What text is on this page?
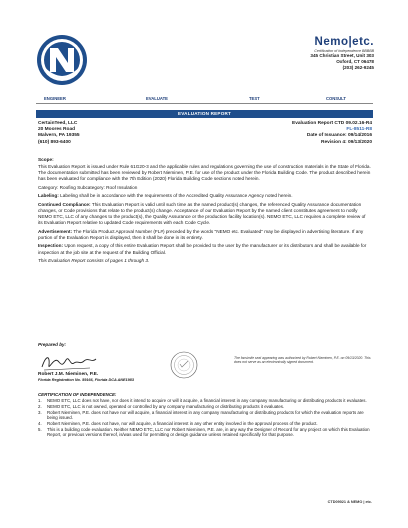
Nemo|etc.
Certification of Independence BBBBB
345 Christian Street, Unit 303
Oxford, CT 06478
(203) 262-9245
ENGINEER	EVALUATE	TEST	CONSULT
EVALUATION REPORT
CertainTeed, LLC
20 Moores Road
Malvern, PA 19355
(610) 893-6400
Evaluation Report CTD 09.02.16-R4
FL-8511-R8
Date of Issuance: 09/14/2016
Revision 4: 09/13/2020
Scope:

This Evaluation Report is issued under Rule 61G20-3 and the applicable rules and regulations governing the use of construction materials in the State of Florida. The documentation submitted has been reviewed by Robert Nieminen, P.E. for use of the product under the Florida Building Code. The product described herein has been evaluated for compliance with the 7th Edition (2020) Florida Building Code sections noted herein.

Category: Roofing Subcategory: Roof Insulation

Labeling: Labeling shall be in accordance with the requirements of the Accredited Quality Assurance Agency noted herein.

Continued Compliance: This Evaluation Report is valid until such time as the named product(s) changes, the referenced Quality Assurance documentation changes, or Code provisions that relate to the product(s) change. Acceptance of our Evaluation Report by the named client constitutes agreement to notify NEMO ETC, LLC of any changes to the product(s), the Quality Assurance or the production facility location(s). NEMO ETC, LLC requires a complete review of its Evaluation Report relative to updated Code requirements with each Code Cycle.

Advertisement: The Florida Product Approval Number (FL#) preceded by the words "NEMO etc. Evaluated" may be displayed in advertising literature. If any portion of the Evaluation Report is displayed, then it shall be done in its entirety.

Inspection: Upon request, a copy of this entire Evaluation Report shall be provided to the user by the manufacturer or its distributors and shall be available for inspection at the job site at the request of the Building Official.

This Evaluation Report consists of pages 1 through 3.

Prepared by:
Robert J.M. Nieminen, P.E.
Florida Registration No. 59166, Florida DCA ANE1983
The facsimile seal appearing was authorized by Robert Nieminen, P.E. on 09/13/2020. This does not serve as an electronically signed document.
CERTIFICATION OF INDEPENDENCE:
1.	NEMO ETC, LLC does not have, nor does it intend to acquire or will it acquire, a financial interest in any company manufacturing or distributing products it evaluates.
2.	NEMO ETC, LLC is not owned, operated or controlled by any company manufacturing or distributing products it evaluates.
3.	Robert Nieminen, P.E. does not have nor will acquire, a financial interest in any company manufacturing or distributing products for which the evaluation reports are being issued.
4.	Robert Nieminen, P.E. does not have, nor will acquire, a financial interest in any other entity involved in the approval process of the product.
5.	This is a building code evaluation. Neither NEMO ETC, LLC nor Robert Nieminen, P.E. are, in any way the Designer of Record for any project on which this Evaluation Report, or previous versions thereof, is/was used for permitting or design guidance unless retained specifically for that purpose.
CTD09021 & NEMO | etc.
